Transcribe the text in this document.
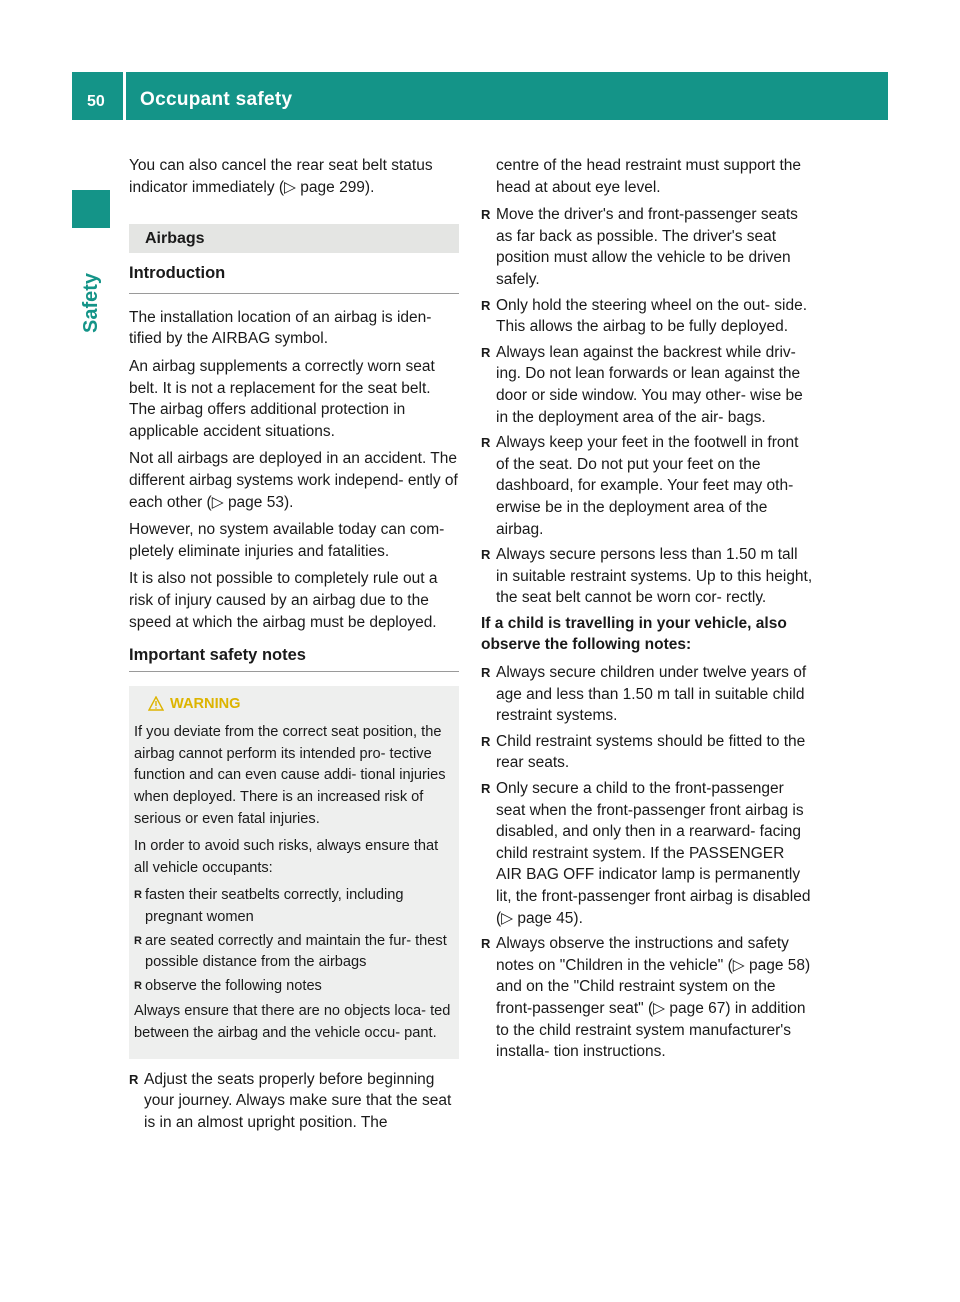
50 Occupant safety
Safety

You can also cancel the rear seat belt status indicator immediately (▷ page 299).

Airbags
Introduction

The installation location of an airbag is iden- tified by the AIRBAG symbol.

An airbag supplements a correctly worn seat belt. It is not a replacement for the seat belt. The airbag offers additional protection in applicable accident situations.

Not all airbags are deployed in an accident. The different airbag systems work independ- ently of each other (▷ page 53).

However, no system available today can com- pletely eliminate injuries and fatalities.

It is also not possible to completely rule out a risk of injury caused by an airbag due to the speed at which the airbag must be deployed.

Important safety notes
WARNING

If you deviate from the correct seat position, the airbag cannot perform its intended pro- tective function and can even cause addi- tional injuries when deployed. There is an increased risk of serious or even fatal injuries.

In order to avoid such risks, always ensure that all vehicle occupants:

R fasten their seatbelts correctly, including pregnant women
R are seated correctly and maintain the fur- thest possible distance from the airbags
R observe the following notes

Always ensure that there are no objects loca- ted between the airbag and the vehicle occu- pant.

R Adjust the seats properly before beginning your journey. Always make sure that the seat is in an almost upright position. The

centre of the head restraint must support the head at about eye level.

R Move the driver's and front-passenger seats as far back as possible. The driver's seat position must allow the vehicle to be driven safely.
R Only hold the steering wheel on the out- side. This allows the airbag to be fully deployed.
R Always lean against the backrest while driv- ing. Do not lean forwards or lean against the door or side window. You may other- wise be in the deployment area of the air- bags.
R Always keep your feet in the footwell in front of the seat. Do not put your feet on the dashboard, for example. Your feet may oth- erwise be in the deployment area of the airbag.
R Always secure persons less than 1.50 m tall in suitable restraint systems. Up to this height, the seat belt cannot be worn cor- rectly.
If a child is travelling in your vehicle, also observe the following notes:
R Always secure children under twelve years of age and less than 1.50 m tall in suitable child restraint systems.
R Child restraint systems should be fitted to the rear seats.
R Only secure a child to the front-passenger seat when the front-passenger front airbag is disabled, and only then in a rearward- facing child restraint system. If the PASSENGER AIR BAG OFF indicator lamp is permanently lit, the front-passenger front airbag is disabled (▷ page 45).
R Always observe the instructions and safety notes on "Children in the vehicle" (▷ page 58) and on the "Child restraint system on the front-passenger seat" (▷ page 67) in addition to the child restraint system manufacturer's installa- tion instructions.
